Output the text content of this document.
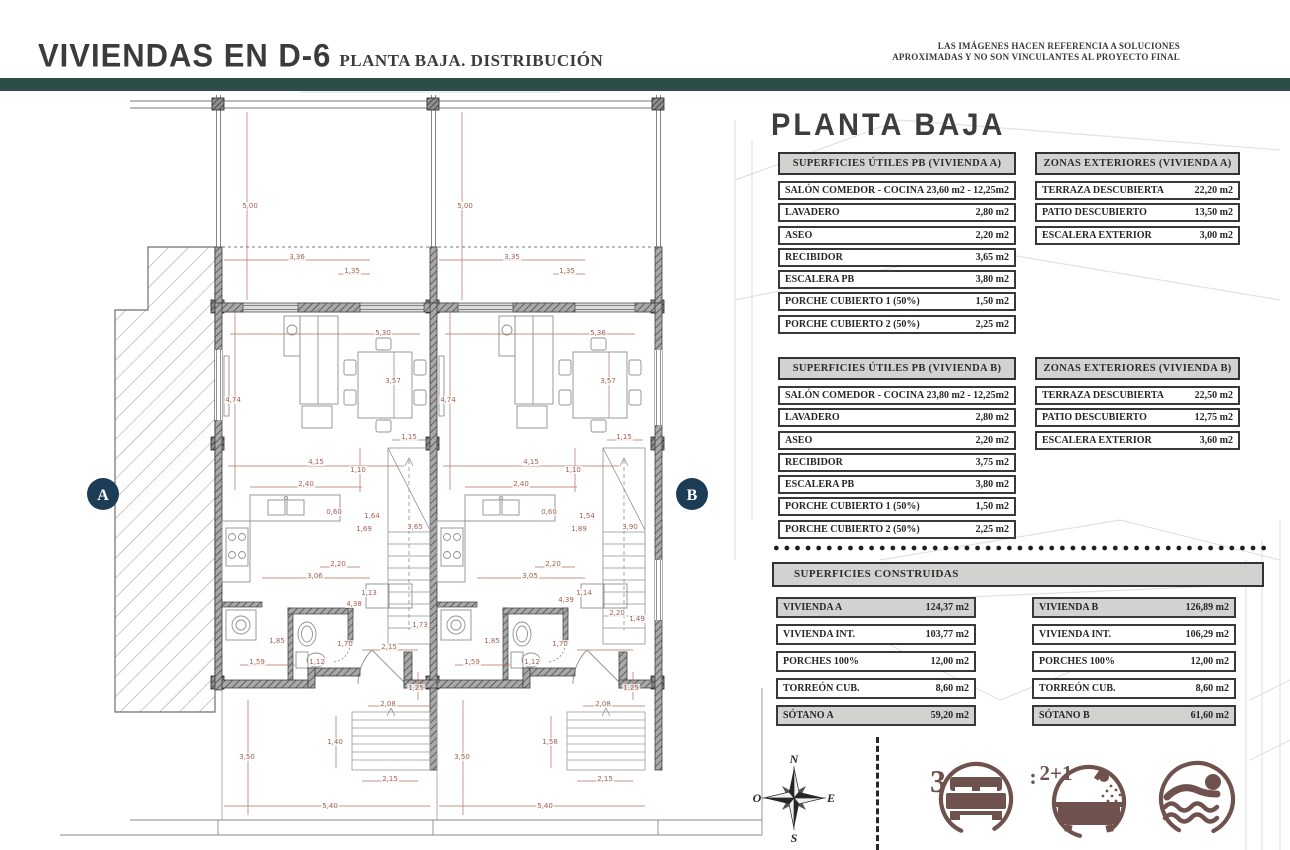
A	B
5,00	5,00
3,36	3,35
1,35	1,35
4,74	4,74
5,30	5,36
3,57	3,57
1,15	1,15
4,15	4,15
1,10	1,10
2,40	2,40
0,60	0,60
1,64	1,54
1,69	1,89
3,65	3,90
2,20	2,20
3,06	3,05
1,13	1,14
4,38	4,39
1,73
1,49
2,20
2,15
1,85	1,85
1,70	1,70
1,59	1,59
1,12	1,12
1,25	1,25
2,08	2,08
1,40	1,58
3,50	3,50
2,15	2,15
5,40	5,40
VIVIENDAS EN D-6 PLANTA BAJA. DISTRIBUCIÓN
LAS IMÁGENES HACEN REFERENCIA A SOLUCIONES
APROXIMADAS Y NO SON VINCULANTES AL PROYECTO FINAL
PLANTA BAJA
SUPERFICIES ÚTILES PB (VIVIENDA A)
SALÓN COMEDOR - COCINA 23,60 m2 - 12,25m2
LAVADERO	2,80 m2
ASEO	2,20 m2
RECIBIDOR	3,65 m2
ESCALERA PB	3,80 m2
PORCHE CUBIERTO 1 (50%)	1,50 m2
PORCHE CUBIERTO 2 (50%)	2,25 m2
ZONAS EXTERIORES (VIVIENDA A)
TERRAZA DESCUBIERTA	22,20 m2
PATIO DESCUBIERTO	13,50 m2
ESCALERA EXTERIOR	3,00 m2
SUPERFICIES ÚTILES PB (VIVIENDA B)
SALÓN COMEDOR - COCINA 23,80 m2 - 12,25m2
LAVADERO	2,80 m2
ASEO	2,20 m2
RECIBIDOR	3,75 m2
ESCALERA PB	3,80 m2
PORCHE CUBIERTO 1 (50%)	1,50 m2
PORCHE CUBIERTO 2 (50%)	2,25 m2
ZONAS EXTERIORES (VIVIENDA B)
TERRAZA DESCUBIERTA	22,50 m2
PATIO DESCUBIERTO	12,75 m2
ESCALERA EXTERIOR	3,60 m2
SUPERFICIES CONSTRUIDAS
VIVIENDA A	124,37 m2
VIVIENDA INT.	103,77 m2
PORCHES 100%	12,00 m2
TORREÓN CUB.	8,60 m2
SÓTANO A	59,20 m2
VIVIENDA B	126,89 m2
VIVIENDA INT.	106,29 m2
PORCHES 100%	12,00 m2
TORREÓN CUB.	8,60 m2
SÓTANO B	61,60 m2
N
E
S
O	3	: 2+1
